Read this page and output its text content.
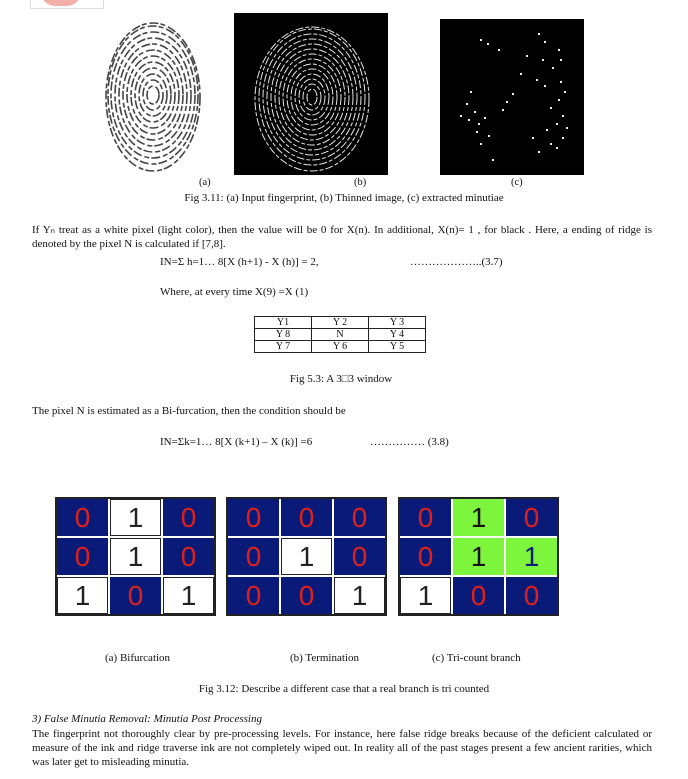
(a)	(b)	(c)
Fig 3.11: (a) Input fingerprint, (b) Thinned image, (c) extracted minutiae
If Yₙ treat as a white pixel (light color), then the value will be 0 for X(n). In additional, X(n)= 1 , for black . Here, a ending of ridge is denoted by the pixel N is calculated if [7,8].
IN=Σ h=1… 8[X (h+1) - X (h)] = 2,	………………..(3.7)
Where, at every time X(9) =X (1)
Y1	Y 2	Y 3
Y 8	N	Y 4
Y 7	Y 6	Y 5
Fig 5.3: A 3□3 window
The pixel N is estimated as a Bi-furcation, then the condition should be
IN=Σk=1… 8[X (k+1) – X (k)] =6	…………… (3.8)
0	1	0
0	1	0
1	0	1
0	0	0
0	1	0
0	0	1
0	1	0
0	1	1
1	0	0
(a) Bifurcation	(b) Termination	(c) Tri-count branch
Fig 3.12: Describe a different case that a real branch is tri counted
3) False Minutia Removal: Minutia Post Processing
The fingerprint not thoroughly clear by pre-processing levels. For instance, here false ridge breaks because of the deficient calculated or measure of the ink and ridge traverse ink are not completely wiped out. In reality all of the past stages present a few ancient rarities, which was later get to misleading minutia.
